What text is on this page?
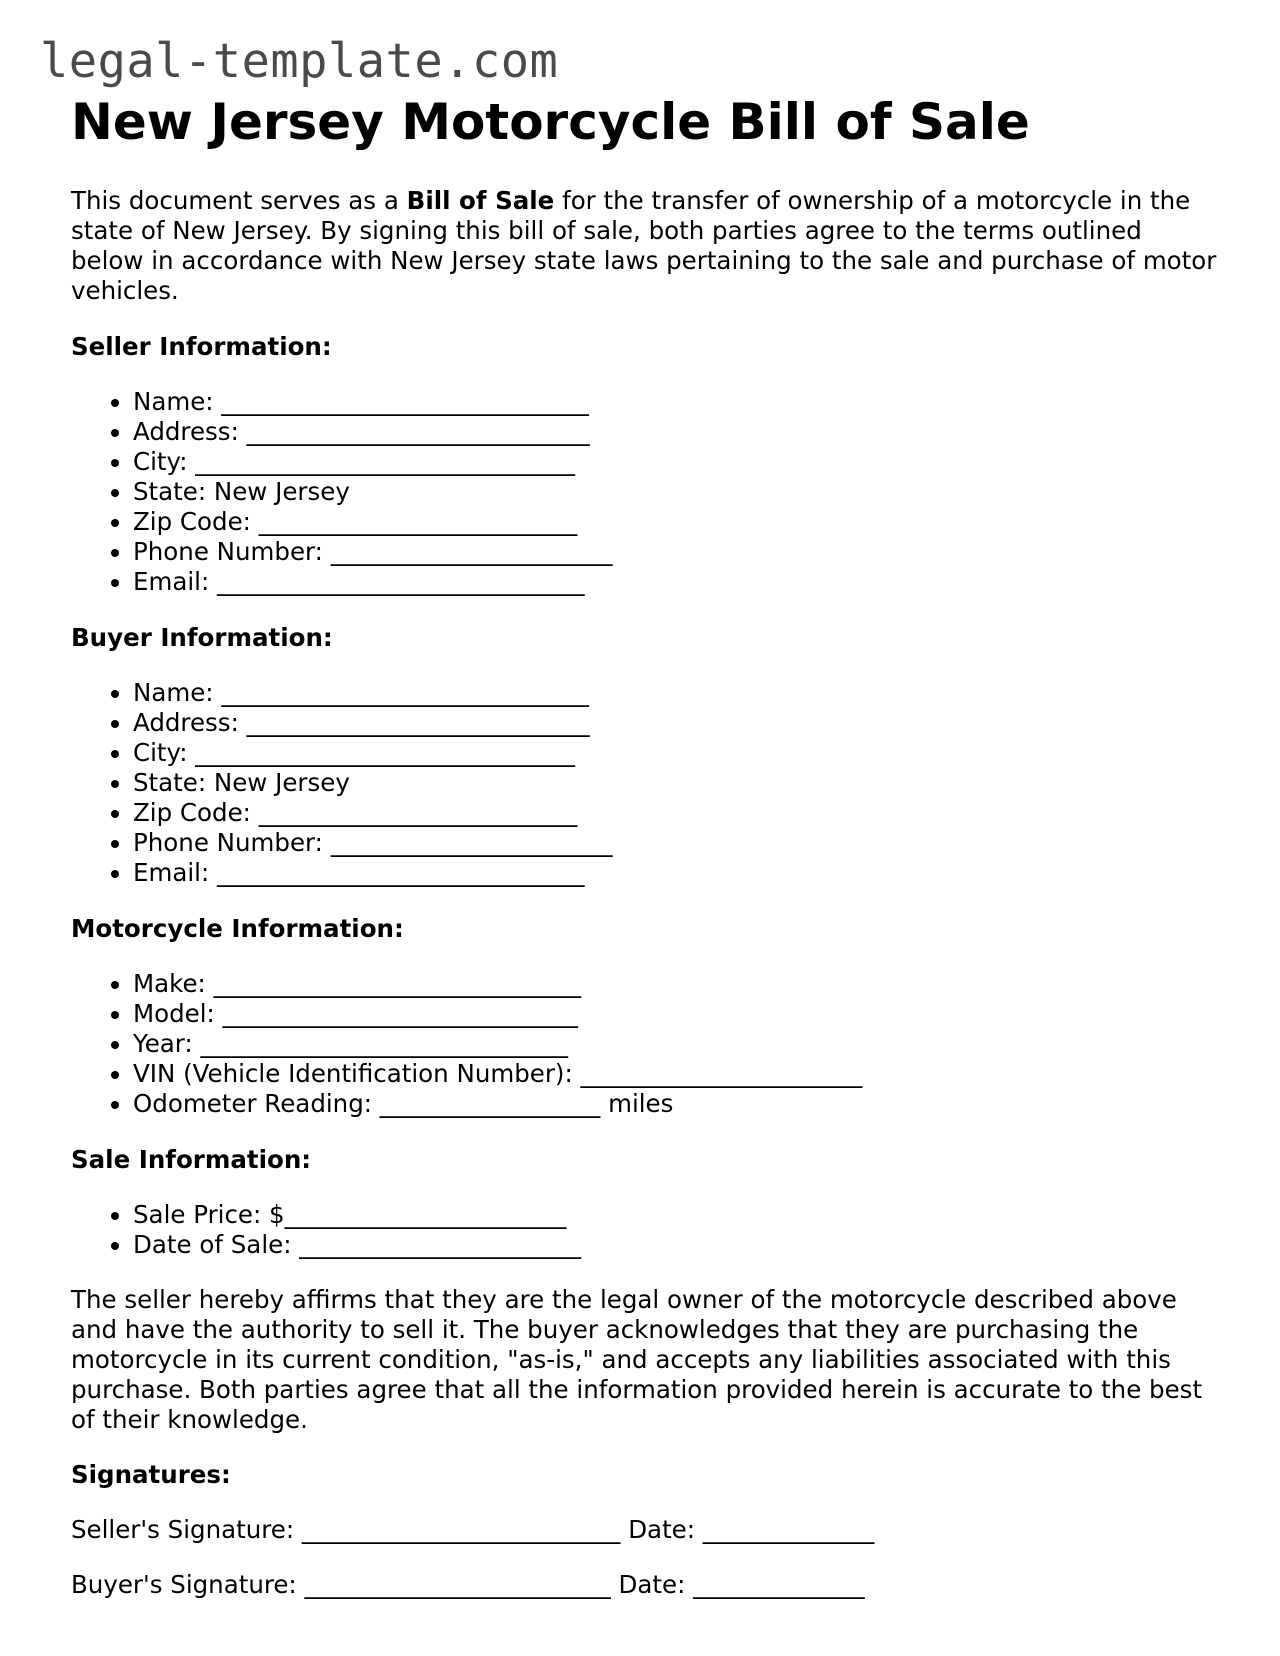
legal-template.com
New Jersey Motorcycle Bill of Sale

This document serves as a Bill of Sale for the transfer of ownership of a motorcycle in the state of New Jersey. By signing this bill of sale, both parties agree to the terms outlined below in accordance with New Jersey state laws pertaining to the sale and purchase of motor vehicles.

Seller Information:
• Name: ______________________________
• Address: ____________________________
• City: _______________________________
• State: New Jersey
• Zip Code: __________________________
• Phone Number: _______________________
• Email: ______________________________
Buyer Information:
• Name: ______________________________
• Address: ____________________________
• City: _______________________________
• State: New Jersey
• Zip Code: __________________________
• Phone Number: _______________________
• Email: ______________________________
Motorcycle Information:
• Make: ______________________________
• Model: _____________________________
• Year: ______________________________
• VIN (Vehicle Identification Number): _______________________
• Odometer Reading: __________________ miles
Sale Information:
• Sale Price: $_______________________
• Date of Sale: _______________________

The seller hereby affirms that they are the legal owner of the motorcycle described above and have the authority to sell it. The buyer acknowledges that they are purchasing the motorcycle in its current condition, "as-is," and accepts any liabilities associated with this purchase. Both parties agree that all the information provided herein is accurate to the best of their knowledge.

Signatures:

Seller's Signature: __________________________ Date: ______________

Buyer's Signature: _________________________ Date: ______________
